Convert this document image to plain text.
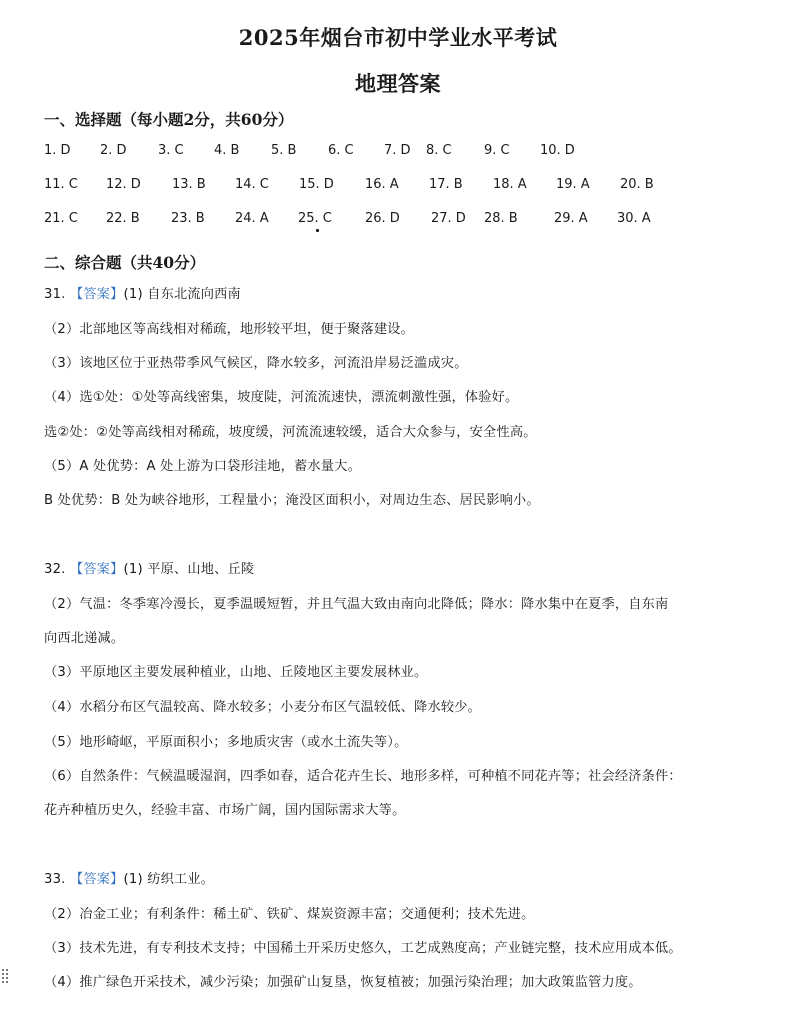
2025年烟台市初中学业水平考试
地理答案
一、选择题（每小题2分，共60分）
1. D 2. D 3. C 4. B 5. B 6. C 7. D 8. C 9. C 10. D
11. C 12. D 13. B 14. C 15. D 16. A 17. B 18. A 19. A 20. B
21. C 22. B 23. B 24. A 25. C	26. D 27. D 28. B	29. A 30. A
二、综合题（共40分）
31. 【答案】(1) 自东北流向西南
（2）北部地区等高线相对稀疏，地形较平坦，便于聚落建设。
（3）该地区位于亚热带季风气候区，降水较多，河流沿岸易泛滥成灾。
（4）选①处：①处等高线密集，坡度陡，河流流速快，漂流刺激性强，体验好。
选②处：②处等高线相对稀疏，坡度缓，河流流速较缓，适合大众参与，安全性高。
（5）A 处优势：A 处上游为口袋形洼地，蓄水量大。
B 处优势：B 处为峡谷地形，工程量小；淹没区面积小，对周边生态、居民影响小。
32. 【答案】(1) 平原、山地、丘陵
（2）气温：冬季寒冷漫长，夏季温暖短暂，并且气温大致由南向北降低；降水：降水集中在夏季，自东南
向西北递减。
（3）平原地区主要发展种植业，山地、丘陵地区主要发展林业。
（4）水稻分布区气温较高、降水较多；小麦分布区气温较低、降水较少。
（5）地形崎岖，平原面积小；多地质灾害（或水土流失等）。
（6）自然条件：气候温暖湿润，四季如春，适合花卉生长、地形多样，可种植不同花卉等；社会经济条件：
花卉种植历史久，经验丰富、市场广阔，国内国际需求大等。
33. 【答案】(1) 纺织工业。
（2）冶金工业；有利条件：稀土矿、铁矿、煤炭资源丰富；交通便利；技术先进。
（3）技术先进，有专利技术支持；中国稀土开采历史悠久，工艺成熟度高；产业链完整，技术应用成本低。
（4）推广绿色开采技术，减少污染；加强矿山复垦，恢复植被；加强污染治理；加大政策监管力度。
